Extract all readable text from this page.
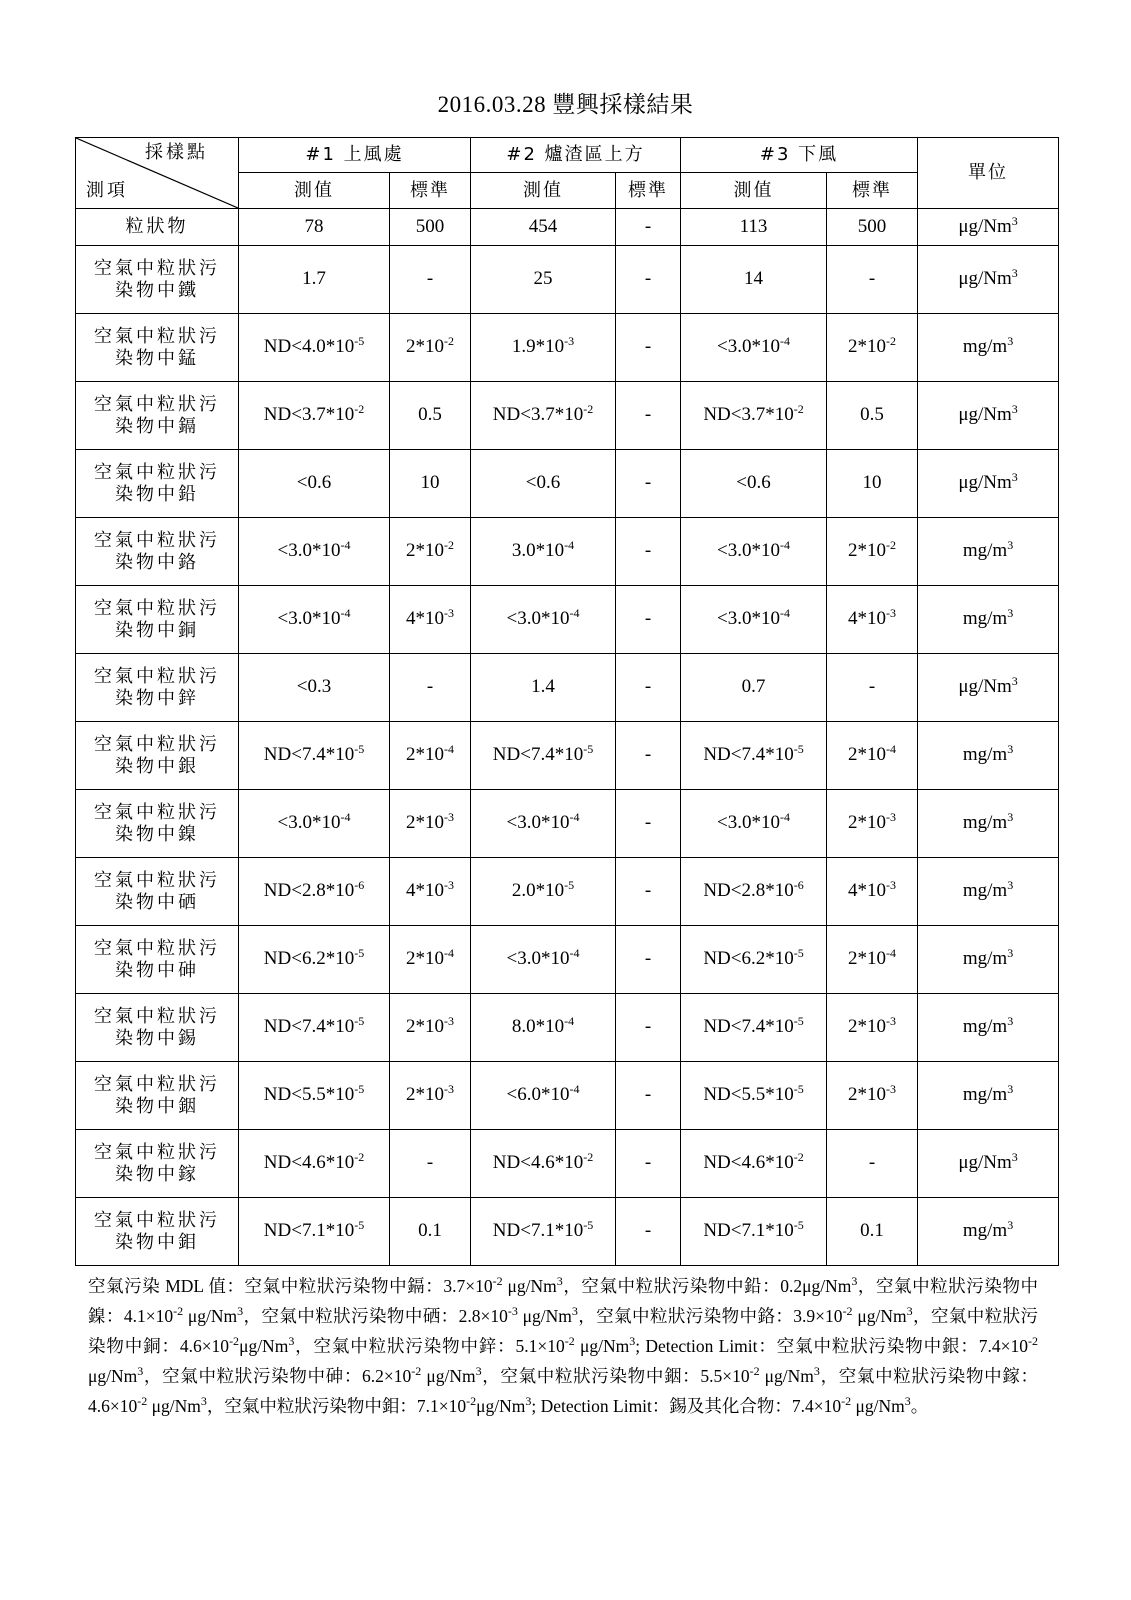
2016.03.28 豐興採樣結果
採樣點
測項	#1 上風處		#2 爐渣區上方		#3 下風		單位
	測值	標準	測值	標準	測值	標準	

粒狀物	78	500	454	-	113	500	μg/Nm$^3$

空氣中粒狀污
染物中鐵	1.7	-	25	-	14	-	μg/Nm$^3$

空氣中粒狀污
染物中錳	$ND<4.0*10^{-5}$	$2*10^{-2}$	$1.9*10^{-3}$	-	$<3.0*10^{-4}$	$2*10^{-2}$	$mg/m^3$

空氣中粒狀污
染物中鎘	$ND<3.7*10^{-2}$	0.5	$ND<3.7*10^{-2}$	-	$ND<3.7*10^{-2}$	0.5	μg/Nm$^3$

空氣中粒狀污
染物中鉛	<0.6	10	<0.6	-	<0.6	10	μg/Nm$^3$

空氣中粒狀污
染物中鉻	$<3.0*10^{-4}$	$2*10^{-2}$	$3.0*10^{-4}$	-	$<3.0*10^{-4}$	$2*10^{-2}$	$mg/m^3$

空氣中粒狀污
染物中銅	$<3.0*10^{-4}$	$4*10^{-3}$	$<3.0*10^{-4}$	-	$<3.0*10^{-4}$	$4*10^{-3}$	$mg/m^3$

空氣中粒狀污
染物中鋅	<0.3	-	1.4	-	0.7	-	μg/Nm$^3$

空氣中粒狀污
染物中銀	$ND<7.4*10^{-5}$	$2*10^{-4}$	$ND<7.4*10^{-5}$	-	$ND<7.4*10^{-5}$	$2*10^{-4}$	$mg/m^3$

空氣中粒狀污
染物中鎳	$<3.0*10^{-4}$	$2*10^{-3}$	$<3.0*10^{-4}$	-	$<3.0*10^{-4}$	$2*10^{-3}$	$mg/m^3$

空氣中粒狀污
染物中硒	$ND<2.8*10^{-6}$	$4*10^{-3}$	$2.0*10^{-5}$	-	$ND<2.8*10^{-6}$	$4*10^{-3}$	$mg/m^3$

空氣中粒狀污
染物中砷	$ND<6.2*10^{-5}$	$2*10^{-4}$	$<3.0*10^{-4}$	-	$ND<6.2*10^{-5}$	$2*10^{-4}$	$mg/m^3$

空氣中粒狀污
染物中錫	$ND<7.4*10^{-5}$	$2*10^{-3}$	$8.0*10^{-4}$	-	$ND<7.4*10^{-5}$	$2*10^{-3}$	$mg/m^3$

空氣中粒狀污
染物中銦	$ND<5.5*10^{-5}$	$2*10^{-3}$	$<6.0*10^{-4}$	-	$ND<5.5*10^{-5}$	$2*10^{-3}$	$mg/m^3$

空氣中粒狀污
染物中鎵	$ND<4.6*10^{-2}$	-	$ND<4.6*10^{-2}$	-	$ND<4.6*10^{-2}$	-	μg/Nm$^3$

空氣中粒狀污
染物中鉬	$ND<7.1*10^{-5}$	0.1	$ND<7.1*10^{-5}$	-	$ND<7.1*10^{-5}$	0.1	$mg/m^3$
空氣污染 MDL 值：空氣中粒狀污染物中鎘：$3.7\times 10^{-2}$ μg/Nm$^3$，空氣中粒狀污染物中鉛：0.2μg/Nm$^3$，空氣中粒狀污染物中鎳：$4.1\times 10^{-2}$ μg/Nm$^3$，空氣中粒狀污染物中硒：$2.8\times 10^{-3}$ μg/Nm$^3$，空氣中粒狀污染物中鉻：$3.9\times 10^{-2}$ μg/Nm$^3$，空氣中粒狀污染物中銅：$4.6\times 10^{-2}\mu g/Nm^3$，空氣中粒狀污染物中鋅：$5.1\times 10^{-2}$ μg/Nm$^3$; Detection Limit：空氣中粒狀污染物中銀：$7.4\times 10^{-2}$ μg/Nm$^3$，空氣中粒狀污染物中砷：$6.2\times 10^{-2}$ μg/Nm$^3$，空氣中粒狀污染物中銦：$5.5\times 10^{-2}$ μg/Nm$^3$，空氣中粒狀污染物中鎵：$4.6\times 10^{-2}$ μg/Nm$^3$，空氣中粒狀污染物中鉬：$7.1\times 10^{-2}\mu g/Nm^3$; Detection Limit：錫及其化合物：$7.4\times 10^{-2}$ μg/Nm$^3$。
